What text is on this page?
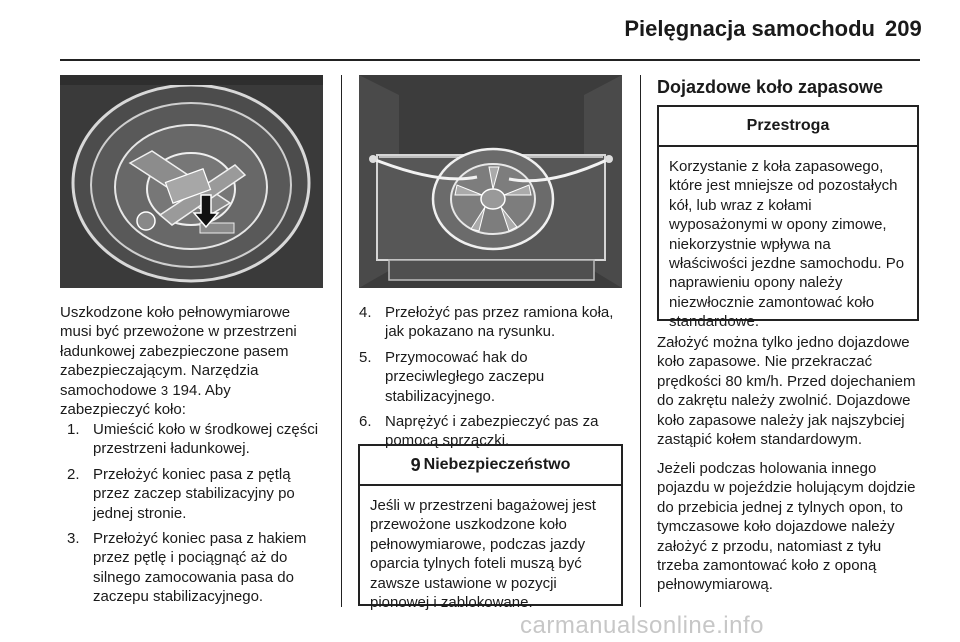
Pielęgnacja samochodu 209

Uszkodzone koło pełnowymiarowe
musi być przewożone w przestrzeni
ładunkowej zabezpieczone pasem
zabezpieczającym. Narzędzia
samochodowe 3 194. Aby
zabezpieczyć koło:

1. Umieścić koło w środkowej części przestrzeni ładunkowej.
2. Przełożyć koniec pasa z pętlą przez zaczep stabilizacyjny po jednej stronie.
3. Przełożyć koniec pasa z hakiem przez pętlę i pociągnąć aż do silnego zamocowania pasa do zaczepu stabilizacyjnego.
4. Przełożyć pas przez ramiona koła, jak pokazano na rysunku.
5. Przymocować hak do przeciwległego zaczepu stabilizacyjnego.
6. Naprężyć i zabezpieczyć pas za pomocą sprzączki.
9 Niebezpieczeństwo
Jeśli w przestrzeni bagażowej jest przewożone uszkodzone koło pełnowymiarowe, podczas jazdy oparcia tylnych foteli muszą być zawsze ustawione w pozycji pionowej i zablokowane.
Dojazdowe koło zapasowe
Przestroga
Korzystanie z koła zapasowego, które jest mniejsze od pozostałych kół, lub wraz z kołami wyposażonymi w opony zimowe, niekorzystnie wpływa na właściwości jezdne samochodu. Po naprawieniu opony należy niezwłocznie zamontować koło standardowe.

Założyć można tylko jedno dojazdowe koło zapasowe. Nie przekraczać prędkości 80 km/h. Przed dojechaniem do zakrętu należy zwolnić. Dojazdowe koło zapasowe należy jak najszybciej zastąpić kołem standardowym.

Jeżeli podczas holowania innego pojazdu w pojeździe holującym dojdzie do przebicia jednej z tylnych opon, to tymczasowe koło dojazdowe należy założyć z przodu, natomiast z tyłu trzeba zamontować koło z oponą pełnowymiarową.

carmanualsonline.info
